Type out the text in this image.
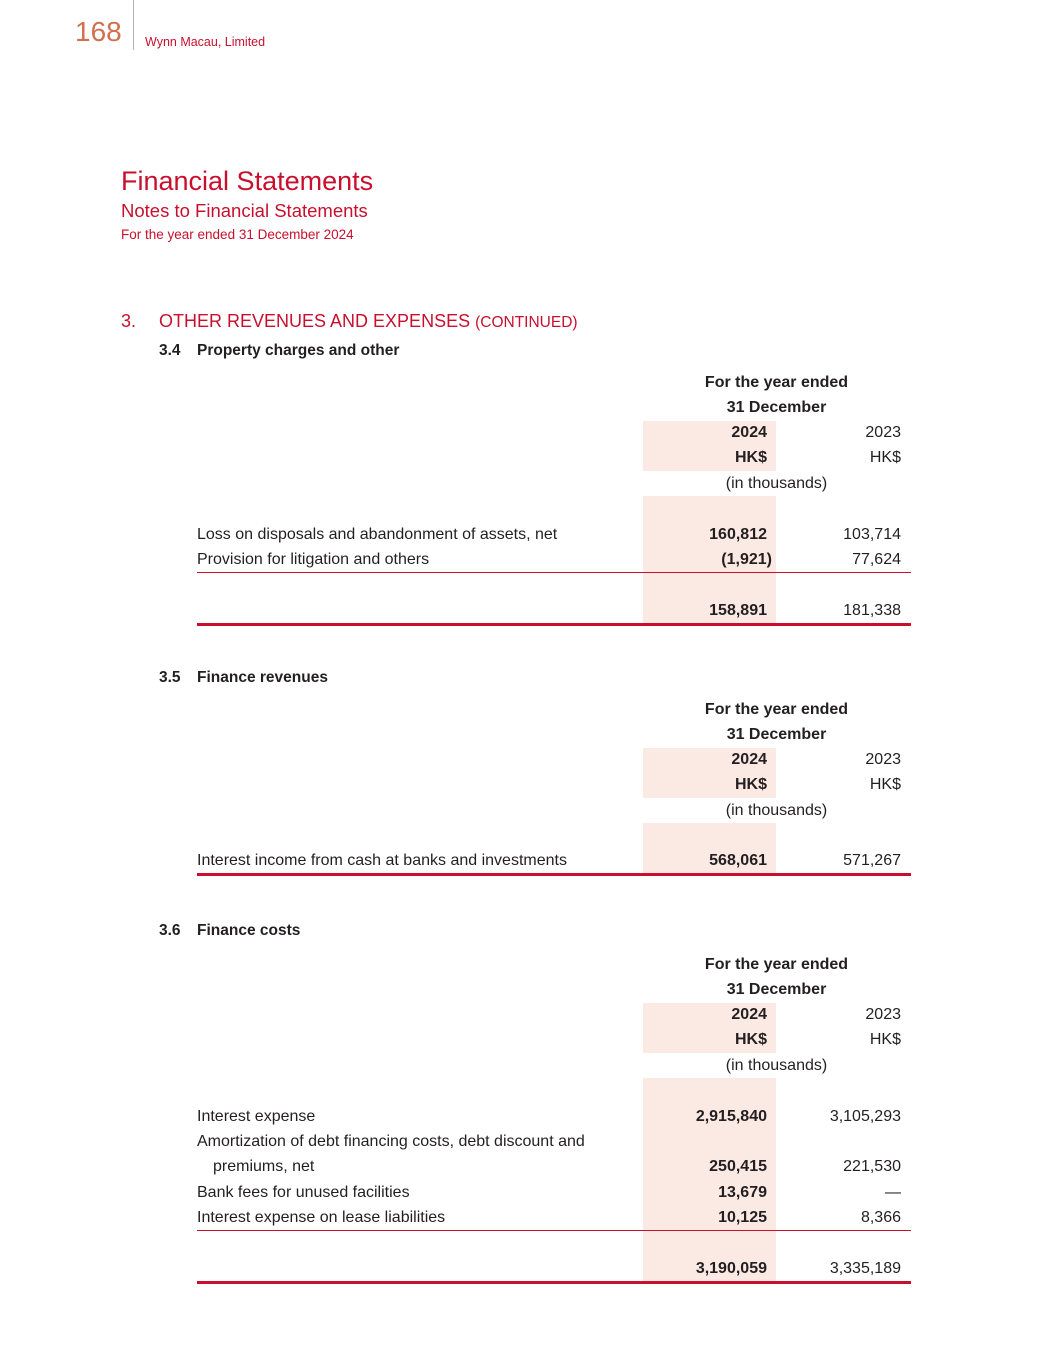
168 Wynn Macau, Limited
Financial Statements
Notes to Financial Statements
For the year ended 31 December 2024
3. OTHER REVENUES AND EXPENSES (CONTINUED)
3.4 Property charges and other
For the year ended
31 December
2024	2023
HK$	HK$
(in thousands)
Loss on disposals and abandonment of assets, net	160,812	103,714
Provision for litigation and others	(1,921)	77,624
158,891	181,338
3.5 Finance revenues
For the year ended
31 December
2024	2023
HK$	HK$
(in thousands)
Interest income from cash at banks and investments	568,061	571,267
3.6 Finance costs
For the year ended
31 December
2024	2023
HK$	HK$
(in thousands)
Interest expense	2,915,840	3,105,293
Amortization of debt financing costs, debt discount and
premiums, net	250,415	221,530
Bank fees for unused facilities	13,679	—
Interest expense on lease liabilities	10,125	8,366
3,190,059	3,335,189
